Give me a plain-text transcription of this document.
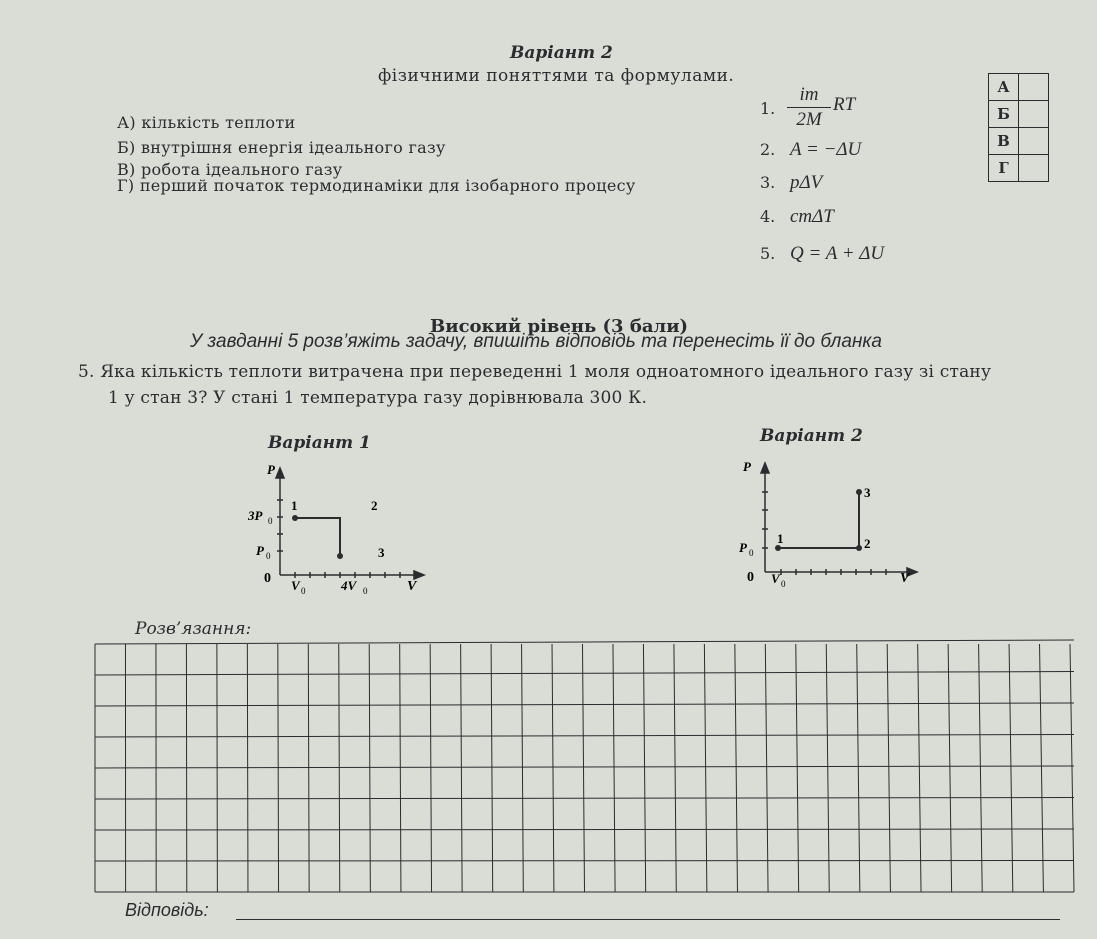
Варіант 2
фізичними поняттями та формулами.
А) кількість теплоти
Б) внутрішня енергія ідеального газу
В) робота ідеального газу
Г) перший початок термодинаміки для ізобарного процесу
1. $\frac{im}{2M}$ RT
2. A = −ΔU
3. pΔV
4. cmΔT
5. Q = A + ΔU
А	
Б	
В	
Г	
Високий рівень (3 бали)
У завданні 5 розв’яжіть задачу, впишіть відповідь та перенесіть її до бланка
5. Яка кількість теплоти витрачена при переведенні 1 моля одноатомного ідеального газу зі стану
1 у стан 3? У стані 1 температура газу дорівнювала 300 К.
Варіант 1	Варіант 2
P
V
0
3P 0
P 0
V 0	4V 0
1	2
3
P
V
0
P 0
V 0
1	2
3
Розв’язання:
Відповідь:
